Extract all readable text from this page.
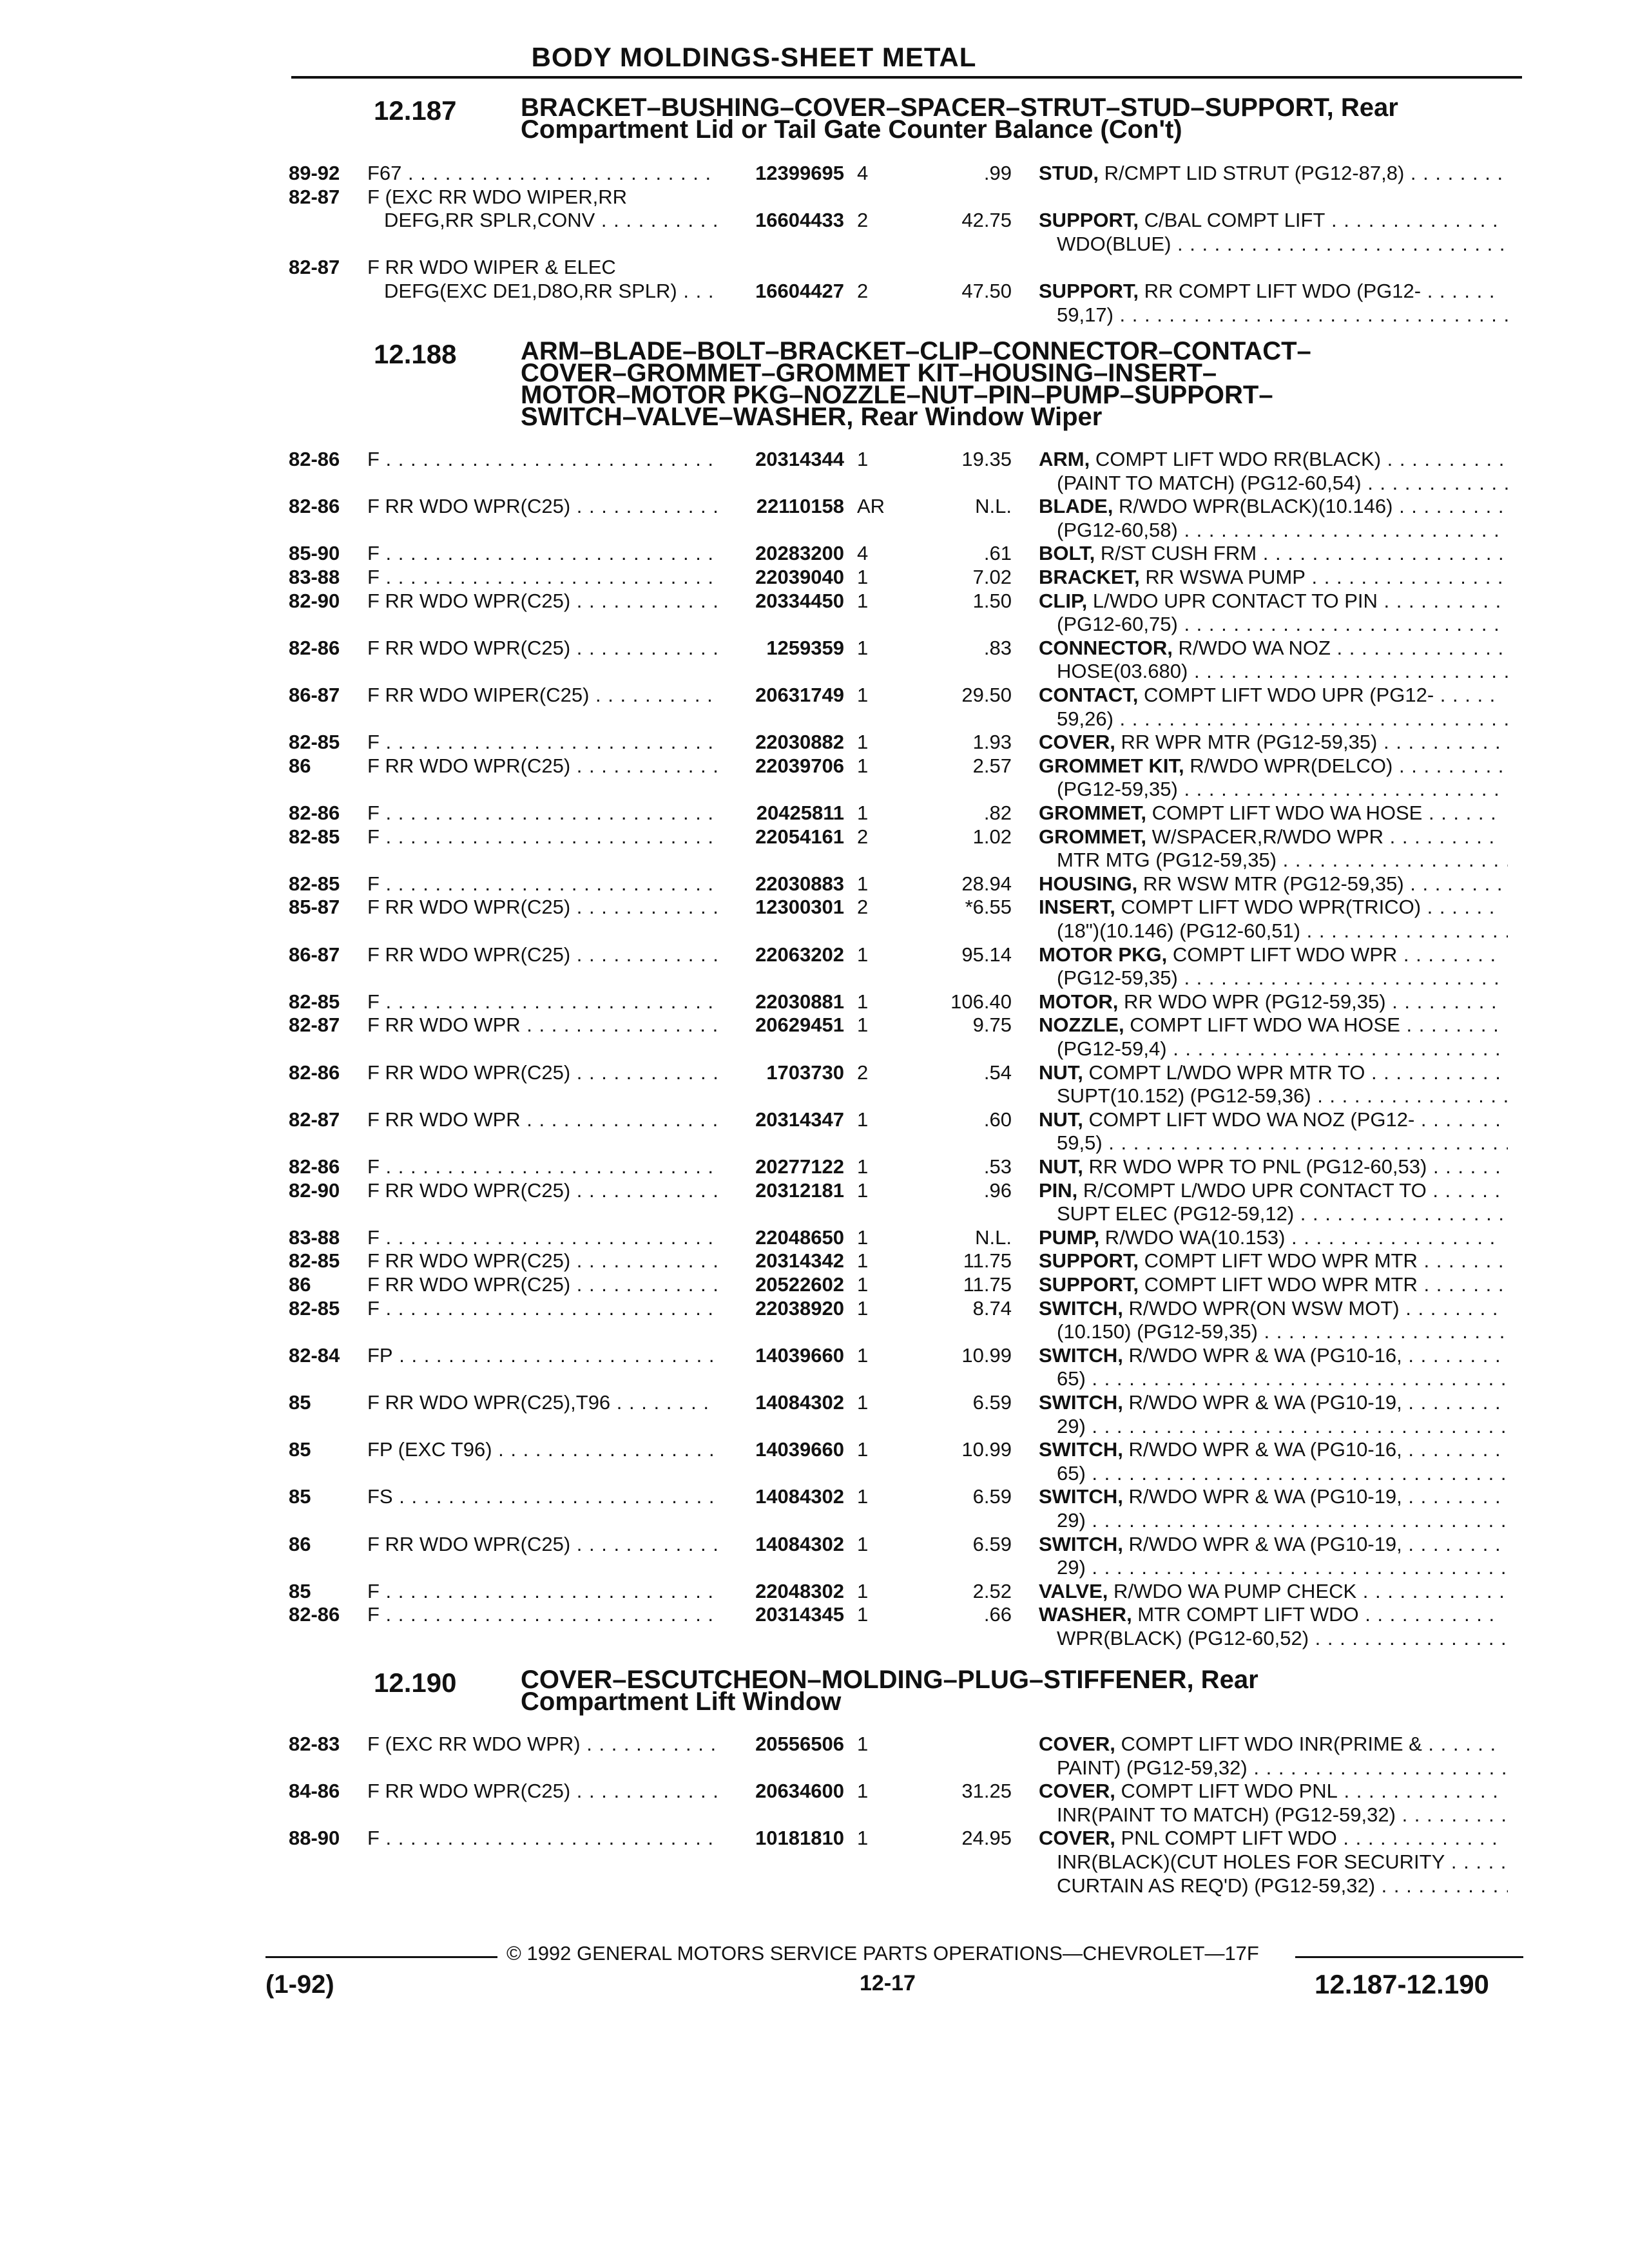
BODY MOLDINGS-SHEET METAL
12.187 BRACKET–BUSHING–COVER–SPACER–STRUT–STUD–SUPPORT, Rear
Compartment Lid or Tail Gate Counter Balance (Con't)
89-92 F67 . . .	12399695 4	.99 STUD, R/CMPT LID STRUT (PG12-87,8) . . .
82-87 F (EXC RR WDO WIPER,RR
DEFG,RR SPLR,CONV . . .	16604433 2	42.75 SUPPORT, C/BAL COMPT LIFT . . .
WDO(BLUE) . . .
82-87 F RR WDO WIPER & ELEC
DEFG(EXC DE1,D8O,RR SPLR) . . .	16604427 2	47.50 SUPPORT, RR COMPT LIFT WDO (PG12- . . .
59,17) . . .
12.188 ARM–BLADE–BOLT–BRACKET–CLIP–CONNECTOR–CONTACT–
COVER–GROMMET–GROMMET KIT–HOUSING–INSERT–
MOTOR–MOTOR PKG–NOZZLE–NUT–PIN–PUMP–SUPPORT–
SWITCH–VALVE–WASHER, Rear Window Wiper
82-86 F . . .	20314344 1	19.35 ARM, COMPT LIFT WDO RR(BLACK) . . .
(PAINT TO MATCH) (PG12-60,54) . . .
82-86 F RR WDO WPR(C25) . . .	22110158 AR	N.L. BLADE, R/WDO WPR(BLACK)(10.146) . . .
(PG12-60,58) . . .
85-90 F . . .	20283200 4	.61 BOLT, R/ST CUSH FRM . . .
83-88 F . . .	22039040 1	7.02 BRACKET, RR WSWA PUMP . . .
82-90 F RR WDO WPR(C25) . . .	20334450 1	1.50 CLIP, L/WDO UPR CONTACT TO PIN . . .
(PG12-60,75) . . .
82-86 F RR WDO WPR(C25) . . .	1259359 1	.83 CONNECTOR, R/WDO WA NOZ . . .
HOSE(03.680) . . .
86-87 F RR WDO WIPER(C25) . . .	20631749 1	29.50 CONTACT, COMPT LIFT WDO UPR (PG12- . . .
59,26) . . .
82-85 F . . .	22030882 1	1.93 COVER, RR WPR MTR (PG12-59,35) . . .
86	F RR WDO WPR(C25) . . .	22039706 1	2.57 GROMMET KIT, R/WDO WPR(DELCO) . . .
(PG12-59,35) . . .
82-86 F . . .	20425811 1	.82 GROMMET, COMPT LIFT WDO WA HOSE . . .
82-85 F . . .	22054161 2	1.02 GROMMET, W/SPACER,R/WDO WPR . . .
MTR MTG (PG12-59,35) . . .
82-85 F . . .	22030883 1	28.94 HOUSING, RR WSW MTR (PG12-59,35) . . .
85-87 F RR WDO WPR(C25) . . .	12300301 2	*6.55 INSERT, COMPT LIFT WDO WPR(TRICO) . . .
(18")(10.146) (PG12-60,51) . . .
86-87 F RR WDO WPR(C25) . . .	22063202 1	95.14 MOTOR PKG, COMPT LIFT WDO WPR . . .
(PG12-59,35) . . .
82-85 F . . .	22030881 1	106.40 MOTOR, RR WDO WPR (PG12-59,35) . . .
82-87 F RR WDO WPR . . .	20629451 1	9.75 NOZZLE, COMPT LIFT WDO WA HOSE . . .
(PG12-59,4) . . .
82-86 F RR WDO WPR(C25) . . .	1703730 2	.54 NUT, COMPT L/WDO WPR MTR TO . . .
SUPT(10.152) (PG12-59,36) . . .
82-87 F RR WDO WPR . . .	20314347 1	.60 NUT, COMPT LIFT WDO WA NOZ (PG12- . . .
59,5) . . .
82-86 F . . .	20277122 1	.53 NUT, RR WDO WPR TO PNL (PG12-60,53) . . .
82-90 F RR WDO WPR(C25) . . .	20312181 1	.96 PIN, R/COMPT L/WDO UPR CONTACT TO . . .
SUPT ELEC (PG12-59,12) . . .
83-88 F . . .	22048650 1	N.L. PUMP, R/WDO WA(10.153) . . .
82-85 F RR WDO WPR(C25) . . .	20314342 1	11.75 SUPPORT, COMPT LIFT WDO WPR MTR . . .
86	F RR WDO WPR(C25) . . .	20522602 1	11.75 SUPPORT, COMPT LIFT WDO WPR MTR . . .
82-85 F . . .	22038920 1	8.74 SWITCH, R/WDO WPR(ON WSW MOT) . . .
(10.150) (PG12-59,35) . . .
82-84 FP . . .	14039660 1	10.99 SWITCH, R/WDO WPR & WA (PG10-16, . . .
65) . . .
85	F RR WDO WPR(C25),T96 . . .	14084302 1	6.59 SWITCH, R/WDO WPR & WA (PG10-19, . . .
29) . . .
85	FP (EXC T96) . . .	14039660 1	10.99 SWITCH, R/WDO WPR & WA (PG10-16, . . .
65) . . .
85	FS . . .	14084302 1	6.59 SWITCH, R/WDO WPR & WA (PG10-19, . . .
29) . . .
86	F RR WDO WPR(C25) . . .	14084302 1	6.59 SWITCH, R/WDO WPR & WA (PG10-19, . . .
29) . . .
85	F . . .	22048302 1	2.52 VALVE, R/WDO WA PUMP CHECK . . .
82-86 F . . .	20314345 1	.66 WASHER, MTR COMPT LIFT WDO . . .
WPR(BLACK) (PG12-60,52) . . .
12.190 COVER–ESCUTCHEON–MOLDING–PLUG–STIFFENER, Rear
Compartment Lift Window
82-83 F (EXC RR WDO WPR) . . .	20556506 1	COVER, COMPT LIFT WDO INR(PRIME & . . .
PAINT) (PG12-59,32) . . .
84-86 F RR WDO WPR(C25) . . .	20634600 1	31.25 COVER, COMPT LIFT WDO PNL . . .
INR(PAINT TO MATCH) (PG12-59,32) . . .
88-90 F . . .	10181810 1	24.95 COVER, PNL COMPT LIFT WDO . . .
INR(BLACK)(CUT HOLES FOR SECURITY . . .
CURTAIN AS REQ'D) (PG12-59,32) . . .
© 1992 GENERAL MOTORS SERVICE PARTS OPERATIONS—CHEVROLET—17F
(1-92)	12-17	12.187-12.190
